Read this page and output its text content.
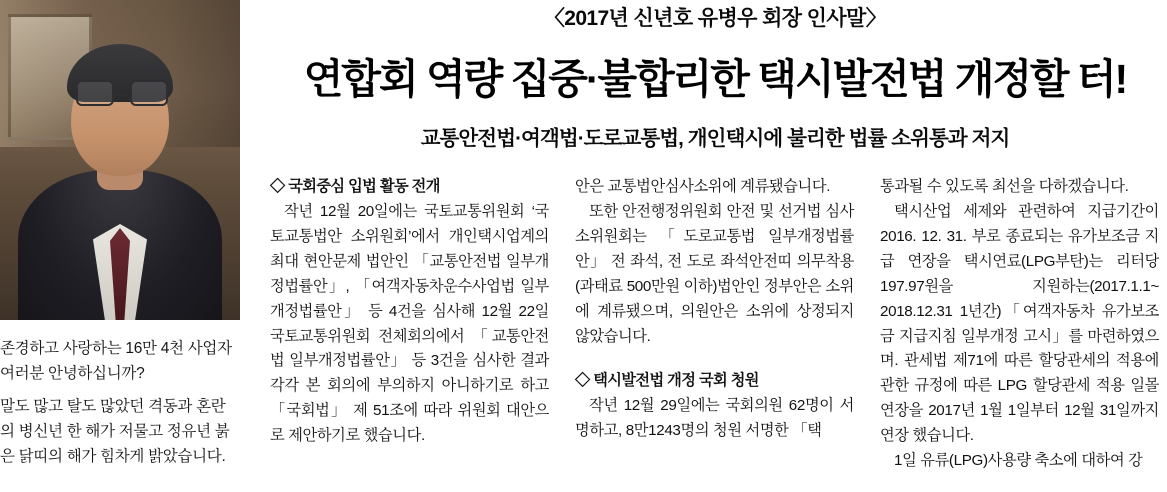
존경하고 사랑하는 16만 4천 사업자 여러분 안녕하십니까?

말도 많고 탈도 많았던 격동과 혼란의 병신년 한 해가 저물고 정유년 붉은 닭띠의 해가 힘차게 밝았습니다.

〈2017년 신년호 유병우 회장 인사말〉
연합회 역량 집중·불합리한 택시발전법 개정할 터!
교통안전법·여객법·도로교통법, 개인택시에 불리한 법률 소위통과 저지

◇ 국회중심 입법 활동 전개

작년 12월 20일에는 국토교통위원회 ‘국토교통법안 소위원회’에서 개인택시업계의 최대 현안문제 법안인 「교통안전법 일부개정법률안」, 「여객자동차운수사업법 일부개정법률안」 등 4건을 심사해 12월 22일 국토교통위원회 전체회의에서 「교통안전법 일부개정법률안」 등 3건을 심사한 결과 각각 본 회의에 부의하지 아니하기로 하고 「국회법」 제 51조에 따라 위원회 대안으로 제안하기로 했습니다.

안은 교통법안심사소위에 계류됐습니다.

또한 안전행정위원회 안전 및 선거법 심사소위원회는 「도로교통법 일부개정법률안」 전 좌석, 전 도로 좌석안전띠 의무착용(과태료 500만원 이하)법안인 정부안은 소위에 계류됐으며, 의원안은 소위에 상정되지 않았습니다.

◇ 택시발전법 개정 국회 청원

작년 12월 29일에는 국회의원 62명이 서명하고, 8만1243명의 청원 서명한 「택

통과될 수 있도록 최선을 다하겠습니다.

택시산업 세제와 관련하여 지급기간이 2016. 12. 31. 부로 종료되는 유가보조금 지급 연장을 택시연료(LPG부탄)는 리터당 197.97원을 지원하는(2017.1.1~ 2018.12.31 1년간)「여객자동차 유가보조금 지급지침 일부개정 고시」를 마련하였으며. 관세법 제71에 따른 할당관세의 적용에 관한 규정에 따른 LPG 할당관세 적용 일몰연장을 2017년 1월 1일부터 12월 31일까지 연장 했습니다.

1일 유류(LPG)사용량 축소에 대하여 강
